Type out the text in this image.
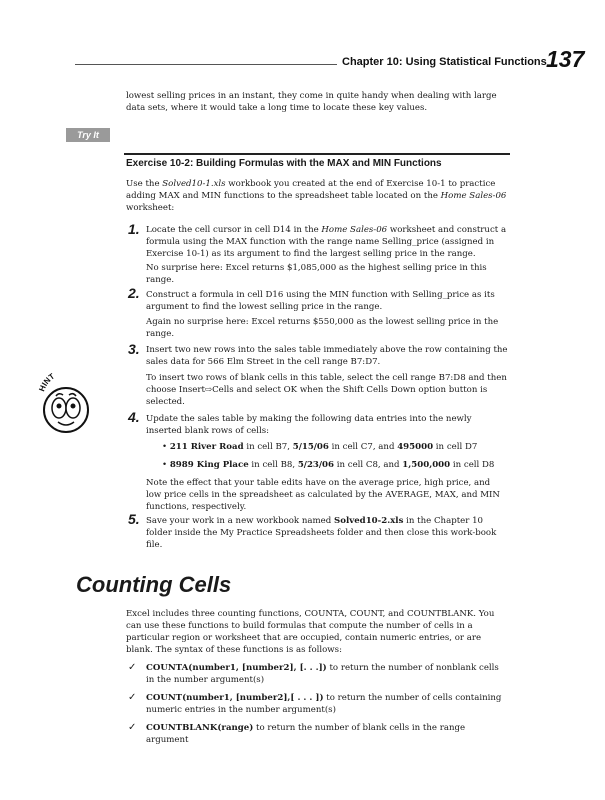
Chapter 10: Using Statistical Functions 137
lowest selling prices in an instant, they come in quite handy when dealing with large data sets, where it would take a long time to locate these key values.
Try It
Exercise 10-2: Building Formulas with the MAX and MIN Functions
Use the Solved10-1.xls workbook you created at the end of Exercise 10-1 to practice adding MAX and MIN functions to the spreadsheet table located on the Home Sales-06 worksheet:
1. Locate the cell cursor in cell D14 in the Home Sales-06 worksheet and construct a formula using the MAX function with the range name Selling_price (assigned in Exercise 10-1) as its argument to find the largest selling price in the range.
No surprise here: Excel returns $1,085,000 as the highest selling price in this range.
2. Construct a formula in cell D16 using the MIN function with Selling_price as its argument to find the lowest selling price in the range.
Again no surprise here: Excel returns $550,000 as the lowest selling price in the range.
3. Insert two new rows into the sales table immediately above the row containing the sales data for 566 Elm Street in the cell range B7:D7.
To insert two rows of blank cells in this table, select the cell range B7:D8 and then choose Insert⇨Cells and select OK when the Shift Cells Down option button is selected.
HINT
4. Update the sales table by making the following data entries into the newly inserted blank rows of cells:
• 211 River Road in cell B7, 5/15/06 in cell C7, and 495000 in cell D7
• 8989 King Place in cell B8, 5/23/06 in cell C8, and 1,500,000 in cell D8
Note the effect that your table edits have on the average price, high price, and low price cells in the spreadsheet as calculated by the AVERAGE, MAX, and MIN functions, respectively.
5. Save your work in a new workbook named Solved10-2.xls in the Chapter 10 folder inside the My Practice Spreadsheets folder and then close this work-book file.
Counting Cells
Excel includes three counting functions, COUNTA, COUNT, and COUNTBLANK. You can use these functions to build formulas that compute the number of cells in a particular region or worksheet that are occupied, contain numeric entries, or are blank. The syntax of these functions is as follows:
✓ COUNTA(number1, [number2], [. . .]) to return the number of nonblank cells in the number argument(s)
✓ COUNT(number1, [number2],[ . . . ]) to return the number of cells containing numeric entries in the number argument(s)
✓ COUNTBLANK(range) to return the number of blank cells in the range argument
